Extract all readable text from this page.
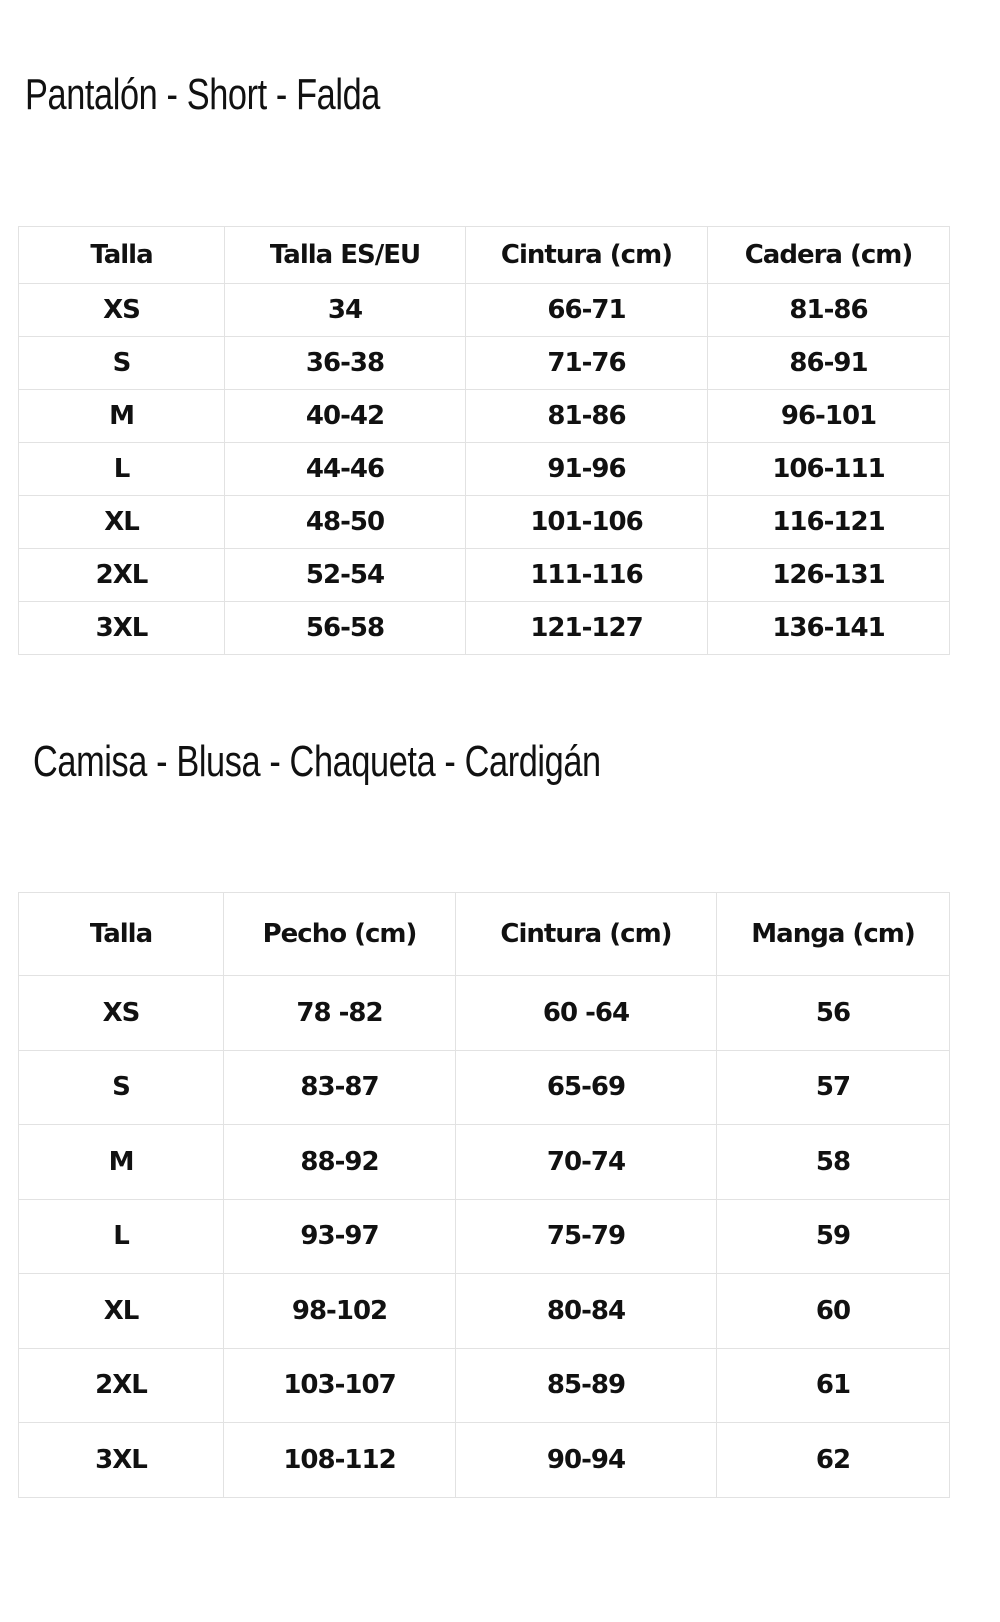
Pantalón - Short - Falda
Talla	Talla ES/EU	Cintura (cm)	Cadera (cm)
XS	34	66-71	81-86
S	36-38	71-76	86-91
M	40-42	81-86	96-101
L	44-46	91-96	106-111
XL	48-50	101-106	116-121
2XL	52-54	111-116	126-131
3XL	56-58	121-127	136-141
Camisa - Blusa - Chaqueta - Cardigán
Talla	Pecho (cm)	Cintura (cm)	Manga (cm)
XS	78 -82	60 -64	56
S	83-87	65-69	57
M	88-92	70-74	58
L	93-97	75-79	59
XL	98-102	80-84	60
2XL	103-107	85-89	61
3XL	108-112	90-94	62
